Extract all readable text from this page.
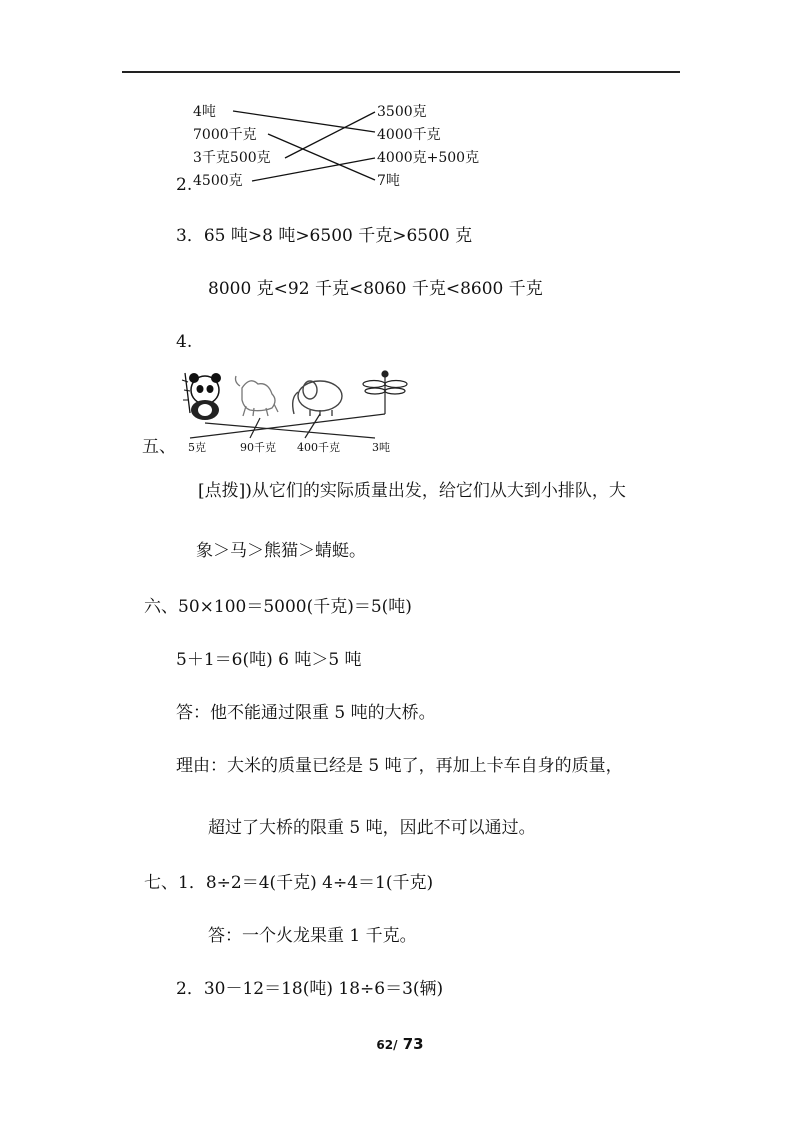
4吨
7000千克
3千克500克
2. 4500克
3500克
4000千克
4000克+500克
7吨
3．65 吨>8 吨>6500 千克>6500 克
8000 克<92 千克<8060 千克<8600 千克
4.
五、 5克	90千克 400千克	3吨
[点拨])从它们的实际质量出发，给它们从大到小排队，大
象＞马＞熊猫＞蜻蜓。
六、50×100＝5000(千克)＝5(吨)
5＋1＝6(吨) 6 吨＞5 吨
答：他不能通过限重 5 吨的大桥。
理由：大米的质量已经是 5 吨了，再加上卡车自身的质量，
超过了大桥的限重 5 吨，因此不可以通过。
七、1．8÷2＝4(千克) 4÷4＝1(千克)
答：一个火龙果重 1 千克。
2．30－12＝18(吨) 18÷6＝3(辆)
62/ 73
